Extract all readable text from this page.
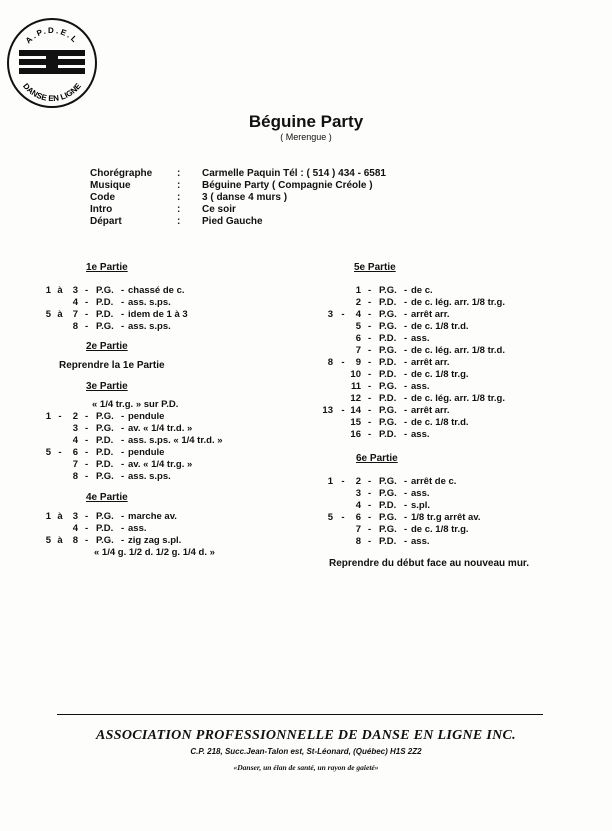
A.P.D.E.L
DANSE EN LIGNE
Béguine Party
( Merengue )
Chorégraphe : Carmelle Paquin Tél : ( 514 ) 434 - 6581
Musique	: Béguine Party ( Compagnie Créole )
Code	: 3 ( danse 4 murs )
Intro	: Ce soir
Départ	: Pied Gauche
1e Partie
1 à	3 - P.G. - chassé de c.
4 - P.D. - ass. s.ps.
5 à	7 - P.D. - idem de 1 à 3
8 - P.G. - ass. s.ps.
2e Partie
Reprendre la 1e Partie
3e Partie
« 1/4 tr.g. » sur P.D.
1 -	2 - P.G. - pendule
3 - P.G. - av. « 1/4 tr.d. »
4 - P.D. - ass. s.ps. « 1/4 tr.d. »
5 -	6 - P.D. - pendule
7 - P.D. - av. « 1/4 tr.g. »
8 - P.G. - ass. s.ps.
4e Partie
1 à	3 - P.G. - marche av.
4 - P.D. - ass.
5 à	8 - P.G. - zig zag s.pl.
« 1/4 g. 1/2 d. 1/2 g. 1/4 d. »
5e Partie
1 - P.G. - de c.
2 - P.D. - de c. lég. arr. 1/8 tr.g.
3 -	4 - P.G. - arrêt arr.
5 - P.G. - de c. 1/8 tr.d.
6 - P.D. - ass.
7 - P.G. - de c. lég. arr. 1/8 tr.d.
8 -	9 - P.D. - arrêt arr.
10 - P.D. - de c. 1/8 tr.g.
11 - P.G. - ass.
12 - P.D. - de c. lég. arr. 1/8 tr.g.
13 - 14 - P.G. - arrêt arr.
15 - P.G. - de c. 1/8 tr.d.
16 - P.D. - ass.
6e Partie
1 -	2 - P.G. - arrêt de c.
3 - P.G. - ass.
4 - P.D. - s.pl.
5 -	6 - P.G. - 1/8 tr.g arrêt av.
7 - P.G. - de c. 1/8 tr.g.
8 - P.D. - ass.
Reprendre du début face au nouveau mur.
ASSOCIATION PROFESSIONNELLE DE DANSE EN LIGNE INC.
C.P. 218, Succ.Jean-Talon est, St-Léonard, (Québec) H1S 2Z2
«Danser, un élan de santé, un rayon de gaieté»
